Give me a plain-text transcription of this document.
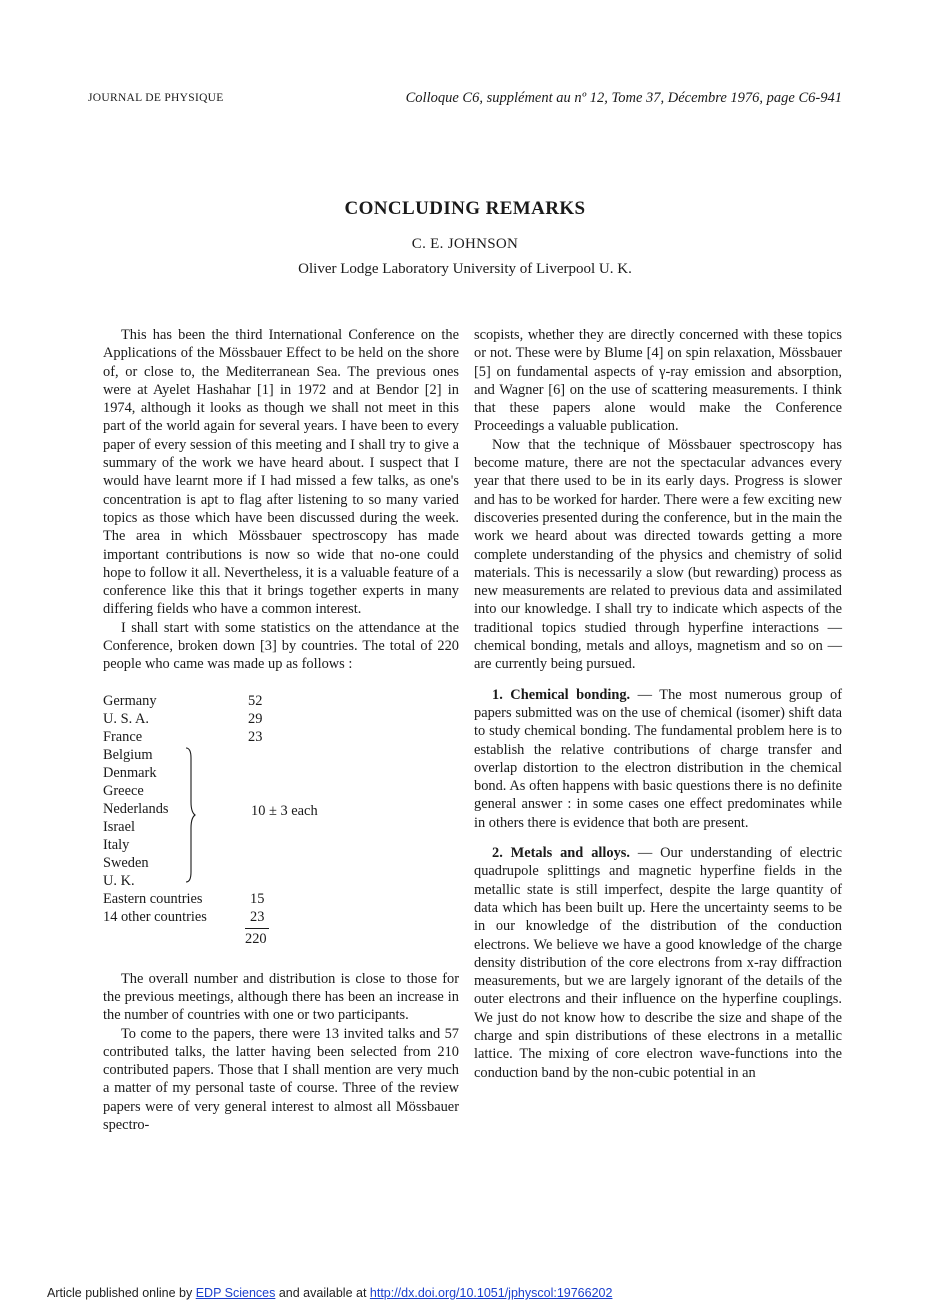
JOURNAL DE PHYSIQUE	Colloque C6, supplément au nº 12, Tome 37, Décembre 1976, page C6-941
CONCLUDING REMARKS
C. E. JOHNSON
Oliver Lodge Laboratory University of Liverpool U. K.

This has been the third International Conference on the Applications of the Mössbauer Effect to be held on the shore of, or close to, the Mediterranean Sea. The previous ones were at Ayelet Hashahar [1] in 1972 and at Bendor [2] in 1974, although it looks as though we shall not meet in this part of the world again for several years. I have been to every paper of every session of this meeting and I shall try to give a summary of the work we have heard about. I suspect that I would have learnt more if I had missed a few talks, as one's concentration is apt to flag after listening to so many varied topics as those which have been discussed during the week. The area in which Mössbauer spectroscopy has made important contributions is now so wide that no-one could hope to follow it all. Nevertheless, it is a valuable feature of a conference like this that it brings together experts in many differing fields who have a common interest.

I shall start with some statistics on the attendance at the Conference, broken down [3] by countries. The total of 220 people who came was made up as follows :

Germany	52
U. S. A.	29
France	23
Belgium
Denmark
Greece
Nederlands
Israel
Italy
Sweden
U. K.
10 ± 3 each
Eastern countries	15
14 other countries	23
220

The overall number and distribution is close to those for the previous meetings, although there has been an increase in the number of countries with one or two participants.

To come to the papers, there were 13 invited talks and 57 contributed talks, the latter having been selected from 210 contributed papers. Those that I shall mention are very much a matter of my personal taste of course. Three of the review papers were of very general interest to almost all Mössbauer spectro-

scopists, whether they are directly concerned with these topics or not. These were by Blume [4] on spin relaxation, Mössbauer [5] on fundamental aspects of γ-ray emission and absorption, and Wagner [6] on the use of scattering measurements. I think that these papers alone would make the Conference Proceedings a valuable publication.

Now that the technique of Mössbauer spectroscopy has become mature, there are not the spectacular advances every year that there used to be in its early days. Progress is slower and has to be worked for harder. There were a few exciting new discoveries presented during the conference, but in the main the work we heard about was directed towards getting a more complete understanding of the physics and chemistry of solid materials. This is necessarily a slow (but rewarding) process as new measurements are related to previous data and assimilated into our knowledge. I shall try to indicate which aspects of the traditional topics studied through hyperfine interactions — chemical bonding, metals and alloys, magnetism and so on — are currently being pursued.

1. Chemical bonding. — The most numerous group of papers submitted was on the use of chemical (isomer) shift data to study chemical bonding. The fundamental problem here is to establish the relative contributions of charge transfer and overlap distortion to the electron distribution in the chemical bond. As often happens with basic questions there is no definite general answer : in some cases one effect predominates while in others there is evidence that both are present.

2. Metals and alloys. — Our understanding of electric quadrupole splittings and magnetic hyperfine fields in the metallic state is still imperfect, despite the large quantity of data which has been built up. Here the uncertainty seems to be in our knowledge of the distribution of the conduction electrons. We believe we have a good knowledge of the charge density distribution of the core electrons from x-ray diffraction measurements, but we are largely ignorant of the details of the outer electrons and their influence on the hyperfine couplings. We just do not know how to describe the size and shape of the charge and spin distributions of these electrons in a metallic lattice. The mixing of core electron wave-functions into the conduction band by the non-cubic potential in an

Article published online by EDP Sciences and available at http://dx.doi.org/10.1051/jphyscol:19766202
